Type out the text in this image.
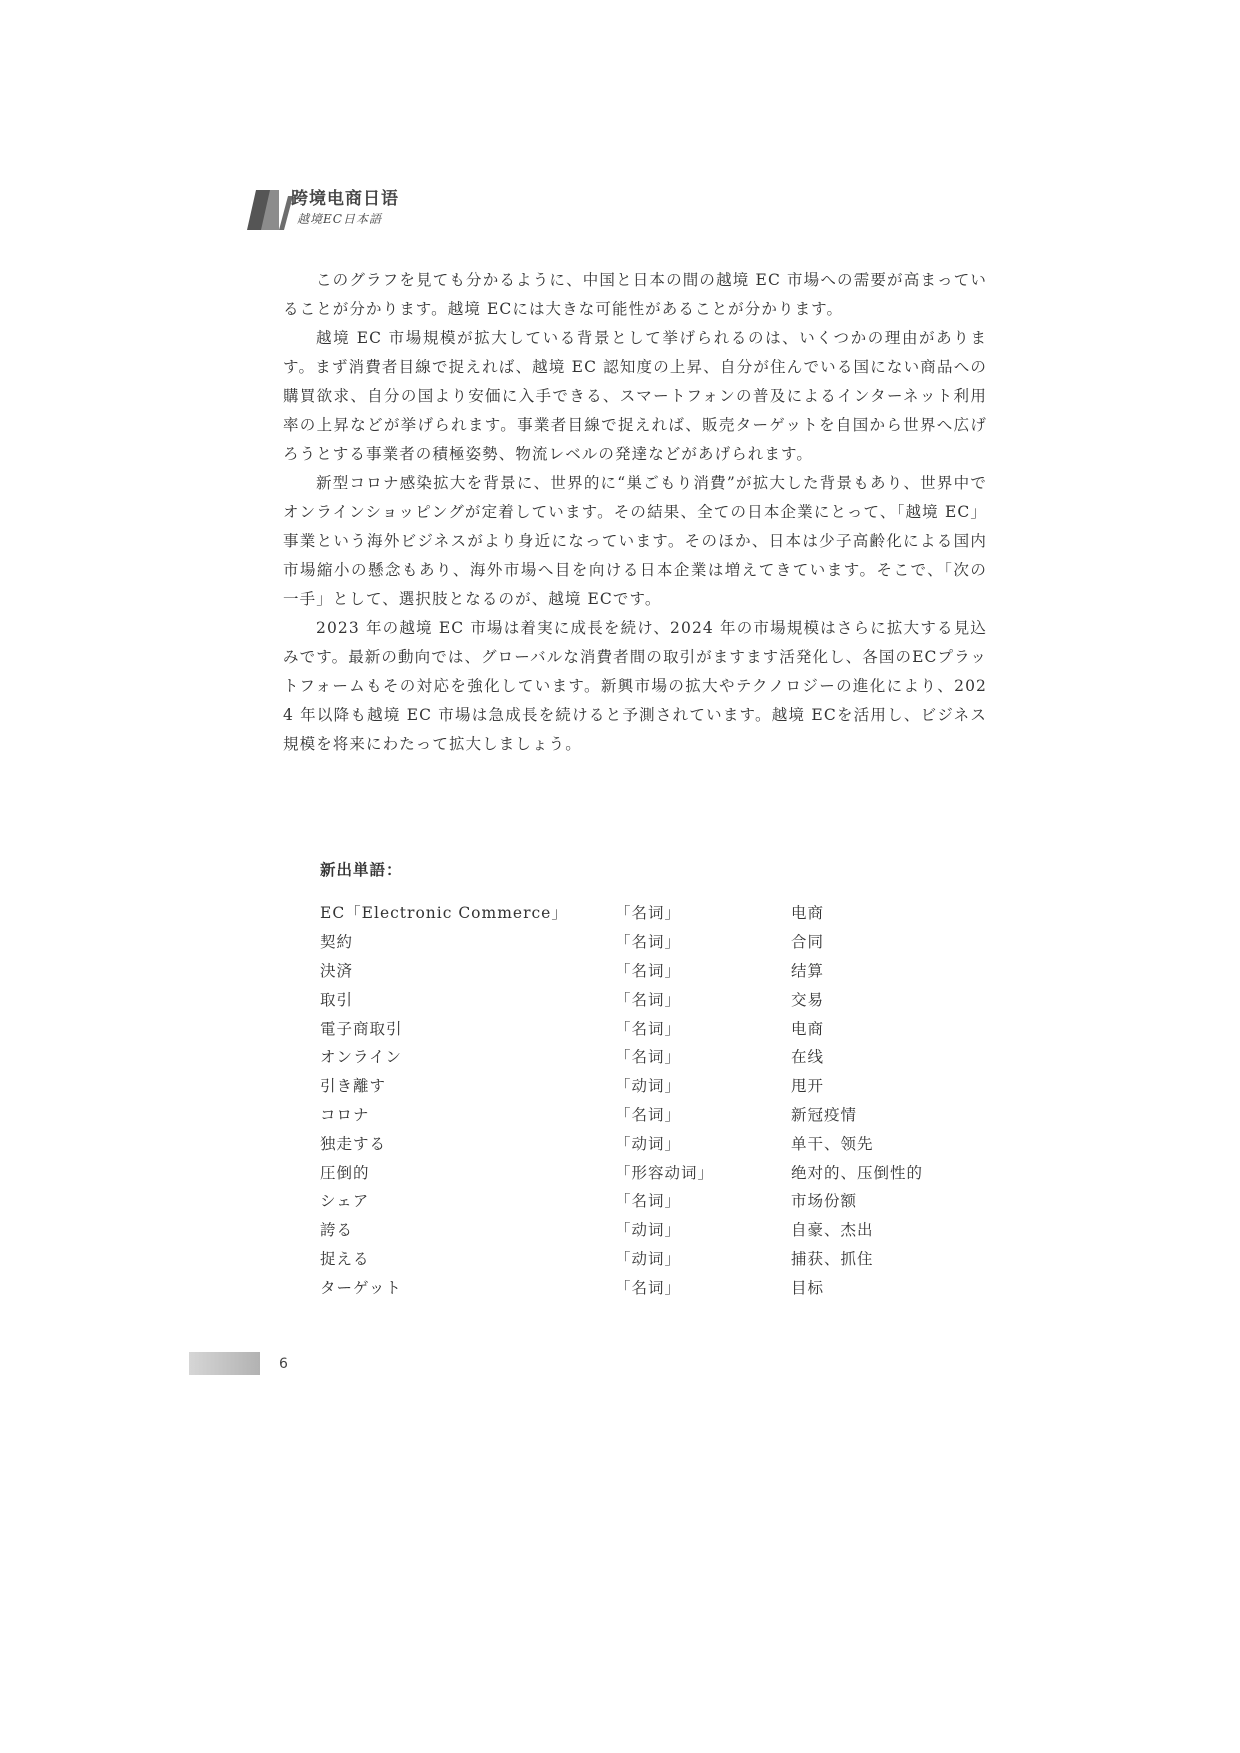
跨境电商日语
越境EC日本語

このグラフを見ても分かるように、中国と日本の間の越境 EC 市場への需要が高まっていることが分かります。越境 ECには大きな可能性があることが分かります。

越境 EC 市場規模が拡大している背景として挙げられるのは、いくつかの理由があります。まず消費者目線で捉えれば、越境 EC 認知度の上昇、自分が住んでいる国にない商品への購買欲求、自分の国より安価に入手できる、スマートフォンの普及によるインターネット利用率の上昇などが挙げられます。事業者目線で捉えれば、販売ターゲットを自国から世界へ広げろうとする事業者の積極姿勢、物流レベルの発達などがあげられます。

新型コロナ感染拡大を背景に、世界的に“巣ごもり消費”が拡大した背景もあり、世界中でオンラインショッピングが定着しています。その結果、全ての日本企業にとって、「越境 EC」事業という海外ビジネスがより身近になっています。そのほか、日本は少子高齢化による国内市場縮小の懸念もあり、海外市場へ目を向ける日本企業は増えてきています。そこで、「次の一手」として、選択肢となるのが、越境 ECです。

2023 年の越境 EC 市場は着実に成長を続け、2024 年の市場規模はさらに拡大する見込みです。最新の動向では、グローバルな消費者間の取引がますます活発化し、各国のECプラットフォームもその対応を強化しています。新興市場の拡大やテクノロジーの進化により、2024 年以降も越境 EC 市場は急成長を続けると予測されています。越境 ECを活用し、ビジネス規模を将来にわたって拡大しましょう。

新出単語：
EC「Electronic Commerce」	「名词」	电商
契約	「名词」	合同
決済	「名词」	结算
取引	「名词」	交易
電子商取引	「名词」	电商
オンライン	「名词」	在线
引き離す	「动词」	甩开
コロナ	「名词」	新冠疫情
独走する	「动词」	单干、领先
圧倒的	「形容动词」	绝对的、压倒性的
シェア	「名词」	市场份额
誇る	「动词」	自豪、杰出
捉える	「动词」	捕获、抓住
ターゲット	「名词」	目标
6
